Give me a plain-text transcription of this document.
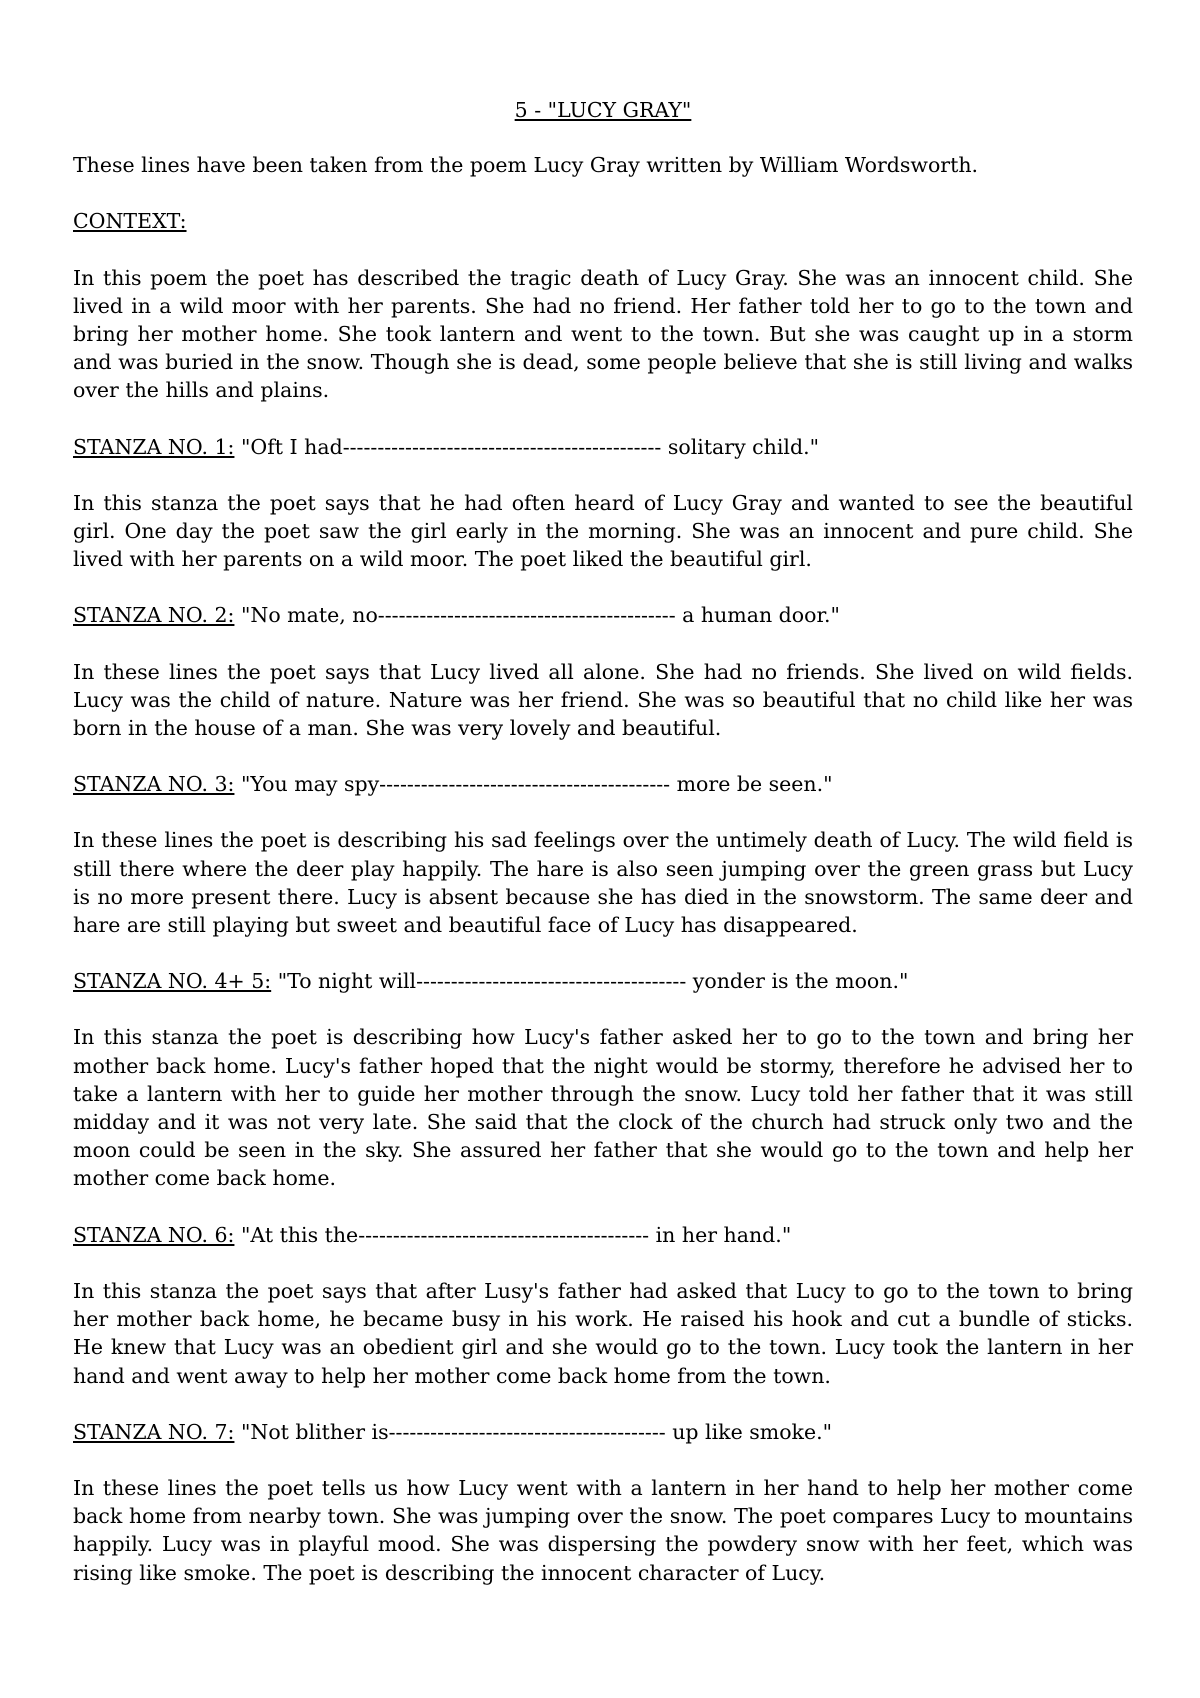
5 - "LUCY GRAY"
These lines have been taken from the poem Lucy Gray written by William Wordsworth.
CONTEXT:
In this poem the poet has described the tragic death of Lucy Gray. She was an innocent child. She lived in a wild moor with her parents. She had no friend. Her father told her to go to the town and bring her mother home. She took lantern and went to the town. But she was caught up in a storm and was buried in the snow. Though she is dead, some people believe that she is still living and walks over the hills and plains.
STANZA NO. 1: "Oft I had---------------------------------------------- solitary child."
In this stanza the poet says that he had often heard of Lucy Gray and wanted to see the beautiful girl. One day the poet saw the girl early in the morning. She was an innocent and pure child. She lived with her parents on a wild moor. The poet liked the beautiful girl.
STANZA NO. 2: "No mate, no------------------------------------------- a human door."
In these lines the poet says that Lucy lived all alone. She had no friends. She lived on wild fields. Lucy was the child of nature. Nature was her friend. She was so beautiful that no child like her was born in the house of a man. She was very lovely and beautiful.
STANZA NO. 3: "You may spy------------------------------------------ more be seen."
In these lines the poet is describing his sad feelings over the untimely death of Lucy. The wild field is still there where the deer play happily. The hare is also seen jumping over the green grass but Lucy is no more present there. Lucy is absent because she has died in the snowstorm. The same deer and hare are still playing but sweet and beautiful face of Lucy has disappeared.
STANZA NO. 4+ 5: "To night will--------------------------------------- yonder is the moon."
In this stanza the poet is describing how Lucy's father asked her to go to the town and bring her mother back home. Lucy's father hoped that the night would be stormy, therefore he advised her to take a lantern with her to guide her mother through the snow. Lucy told her father that it was still midday and it was not very late. She said that the clock of the church had struck only two and the moon could be seen in the sky. She assured her father that she would go to the town and help her mother come back home.
STANZA NO. 6: "At this the------------------------------------------ in her hand."
In this stanza the poet says that after Lusy's father had asked that Lucy to go to the town to bring her mother back home, he became busy in his work. He raised his hook and cut a bundle of sticks. He knew that Lucy was an obedient girl and she would go to the town. Lucy took the lantern in her hand and went away to help her mother come back home from the town.
STANZA NO. 7: "Not blither is---------------------------------------- up like smoke."
In these lines the poet tells us how Lucy went with a lantern in her hand to help her mother come back home from nearby town. She was jumping over the snow. The poet compares Lucy to mountains happily. Lucy was in playful mood. She was dispersing the powdery snow with her feet, which was rising like smoke. The poet is describing the innocent character of Lucy.
